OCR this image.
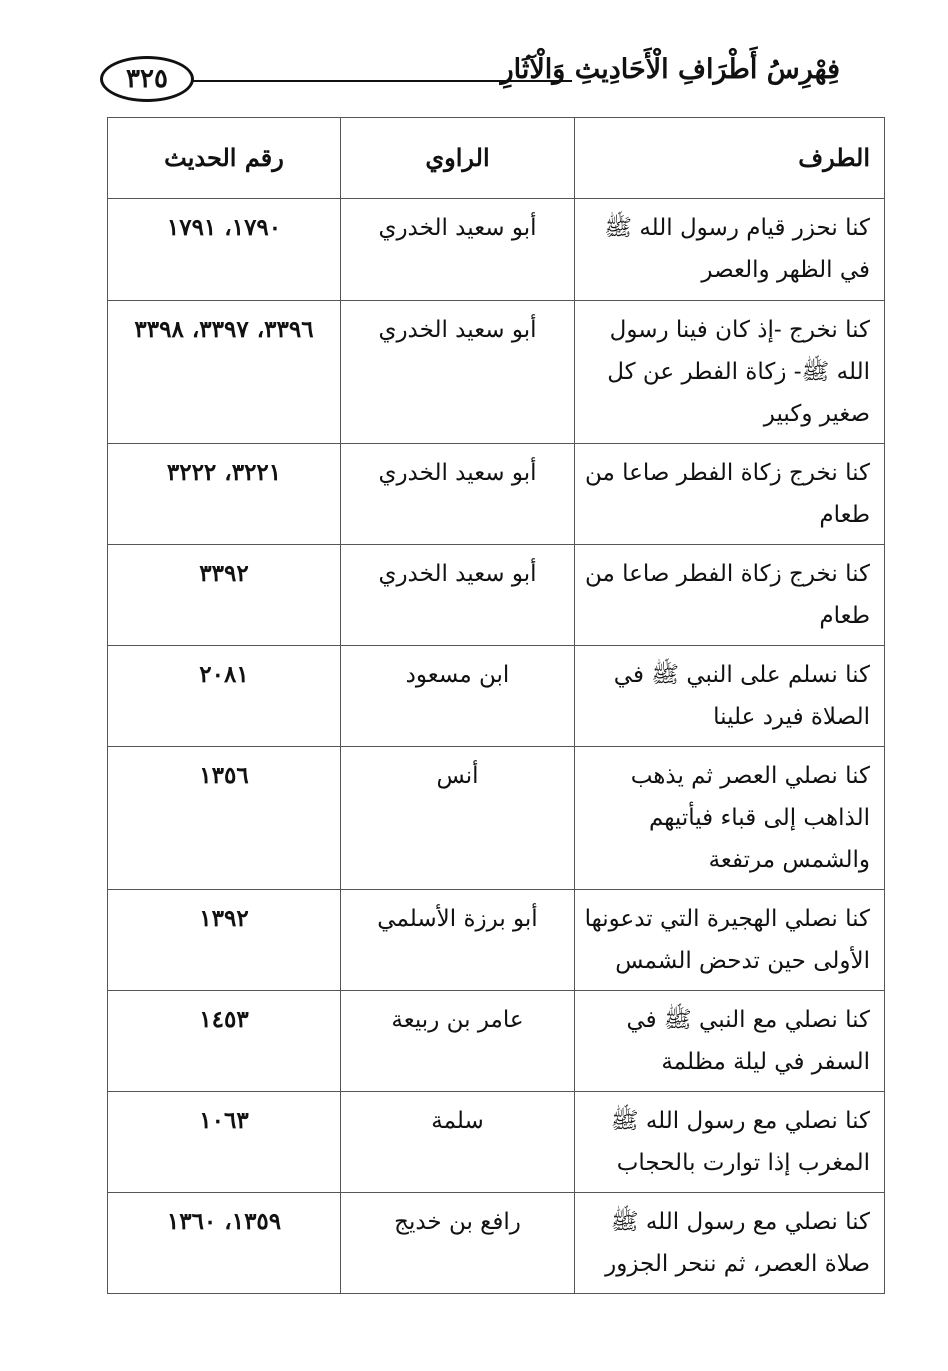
٣٢٥	فِهْرِسُ أَطْرَافِ الْأَحَادِيثِ وَالْآثَارِ
الطرف	الراوي	رقم الحديث
كنا نحزر قيام رسول الله ﷺ في الظهر والعصر	أبو سعيد الخدري	١٧٩٠، ١٧٩١
كنا نخرج -إذ كان فينا رسول الله ﷺ- زكاة الفطر عن كل صغير وكبير	أبو سعيد الخدري	٣٣٩٦، ٣٣٩٧، ٣٣٩٨
كنا نخرج زكاة الفطر صاعا من طعام	أبو سعيد الخدري	٣٢٢١، ٣٢٢٢
كنا نخرج زكاة الفطر صاعا من طعام	أبو سعيد الخدري	٣٣٩٢
كنا نسلم على النبي ﷺ في الصلاة فيرد علينا	ابن مسعود	٢٠٨١
كنا نصلي العصر ثم يذهب الذاهب إلى قباء فيأتيهم والشمس مرتفعة	أنس	١٣٥٦
كنا نصلي الهجيرة التي تدعونها الأولى حين تدحض الشمس	أبو برزة الأسلمي	١٣٩٢
كنا نصلي مع النبي ﷺ في السفر في ليلة مظلمة	عامر بن ربيعة	١٤٥٣
كنا نصلي مع رسول الله ﷺ المغرب إذا توارت بالحجاب	سلمة	١٠٦٣
كنا نصلي مع رسول الله ﷺ صلاة العصر، ثم ننحر الجزور	رافع بن خديج	١٣٥٩، ١٣٦٠
